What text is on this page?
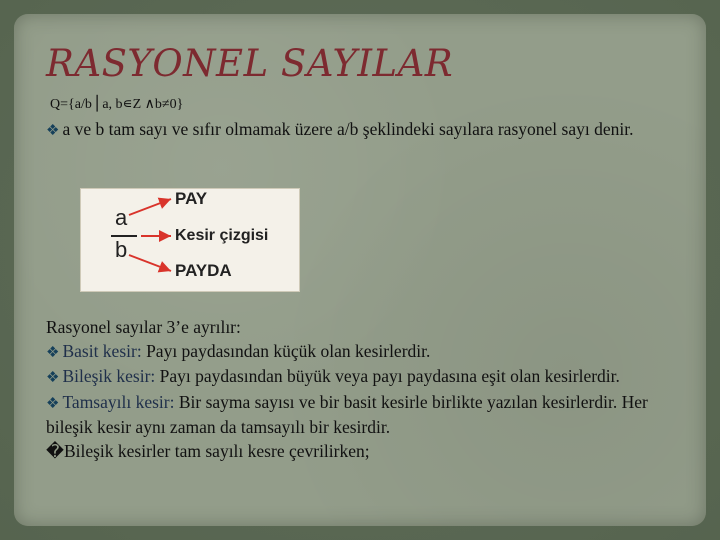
RASYONEL SAYILAR
Q={a/b⎪a, b∊Z ∧b≠0}
❖ a ve b tam sayı ve sıfır olmamak üzere a/b şeklindeki sayılara rasyonel sayı denir.
a
b
PAY
Kesir çizgisi
PAYDA
Rasyonel sayılar 3’e ayrılır:
❖ Basit kesir: Payı paydasından küçük olan kesirlerdir.
❖ Bileşik kesir: Payı paydasından büyük veya payı paydasına eşit olan kesirlerdir.
❖ Tamsayılı kesir: Bir sayma sayısı ve bir basit kesirle birlikte yazılan kesirlerdir. Her bileşik kesir aynı zaman da tamsayılı bir kesirdir.
�Bileşik kesirler tam sayılı kesre çevrilirken;
